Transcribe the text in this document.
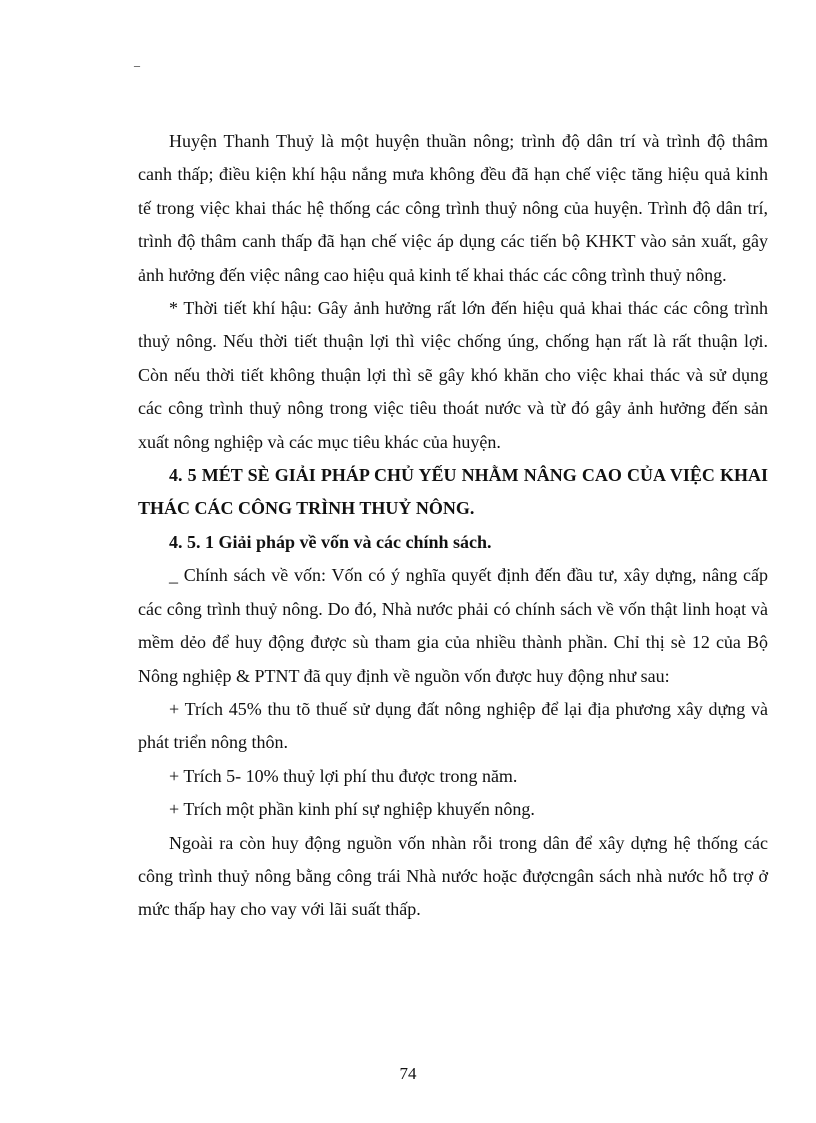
_

Huyện Thanh Thuỷ là một huyện thuần nông; trình độ dân trí và trình độ thâm canh thấp; điều kiện khí hậu nắng mưa không đều đã hạn chế việc tăng hiệu quả kinh tế trong việc khai thác hệ thống các công trình thuỷ nông của huyện. Trình độ dân trí, trình độ thâm canh thấp đã hạn chế việc áp dụng các tiến bộ KHKT vào sản xuất, gây ảnh hưởng đến việc nâng cao hiệu quả kinh tế khai thác các công trình thuỷ nông.

* Thời tiết khí hậu: Gây ảnh hưởng rất lớn đến hiệu quả khai thác các công trình thuỷ nông. Nếu thời tiết thuận lợi thì việc chống úng, chống hạn rất là rất thuận lợi. Còn nếu thời tiết không thuận lợi thì sẽ gây khó khăn cho việc khai thác và sử dụng các công trình thuỷ nông trong việc tiêu thoát nước và từ đó gây ảnh hưởng đến sản xuất nông nghiệp và các mục tiêu khác của huyện.

4. 5 MÉT SÈ GIẢI PHÁP CHỦ YẾU NHẰM NÂNG CAO CỦA VIỆC KHAI THÁC CÁC CÔNG TRÌNH THUỶ NÔNG.

4. 5. 1 Giải pháp về vốn và các chính sách.

_ Chính sách về vốn: Vốn có ý nghĩa quyết định đến đầu tư, xây dựng, nâng cấp các công trình thuỷ nông. Do đó, Nhà nước phải có chính sách về vốn thật linh hoạt và mềm dẻo để huy động được sù tham gia của nhiều thành phần. Chỉ thị sè 12 của Bộ Nông nghiệp & PTNT đã quy định về nguồn vốn được huy động như sau:

+ Trích 45% thu tõ thuế sử dụng đất nông nghiệp để lại địa phương xây dựng và phát triển nông thôn.

+ Trích 5- 10% thuỷ lợi phí thu được trong năm.

+ Trích một phần kinh phí sự nghiệp khuyến nông.

Ngoài ra còn huy động nguồn vốn nhàn rỗi trong dân để xây dựng hệ thống các công trình thuỷ nông bằng công trái Nhà nước hoặc đượcngân sách nhà nước hỗ trợ ở mức thấp hay cho vay với lãi suất thấp.

74
